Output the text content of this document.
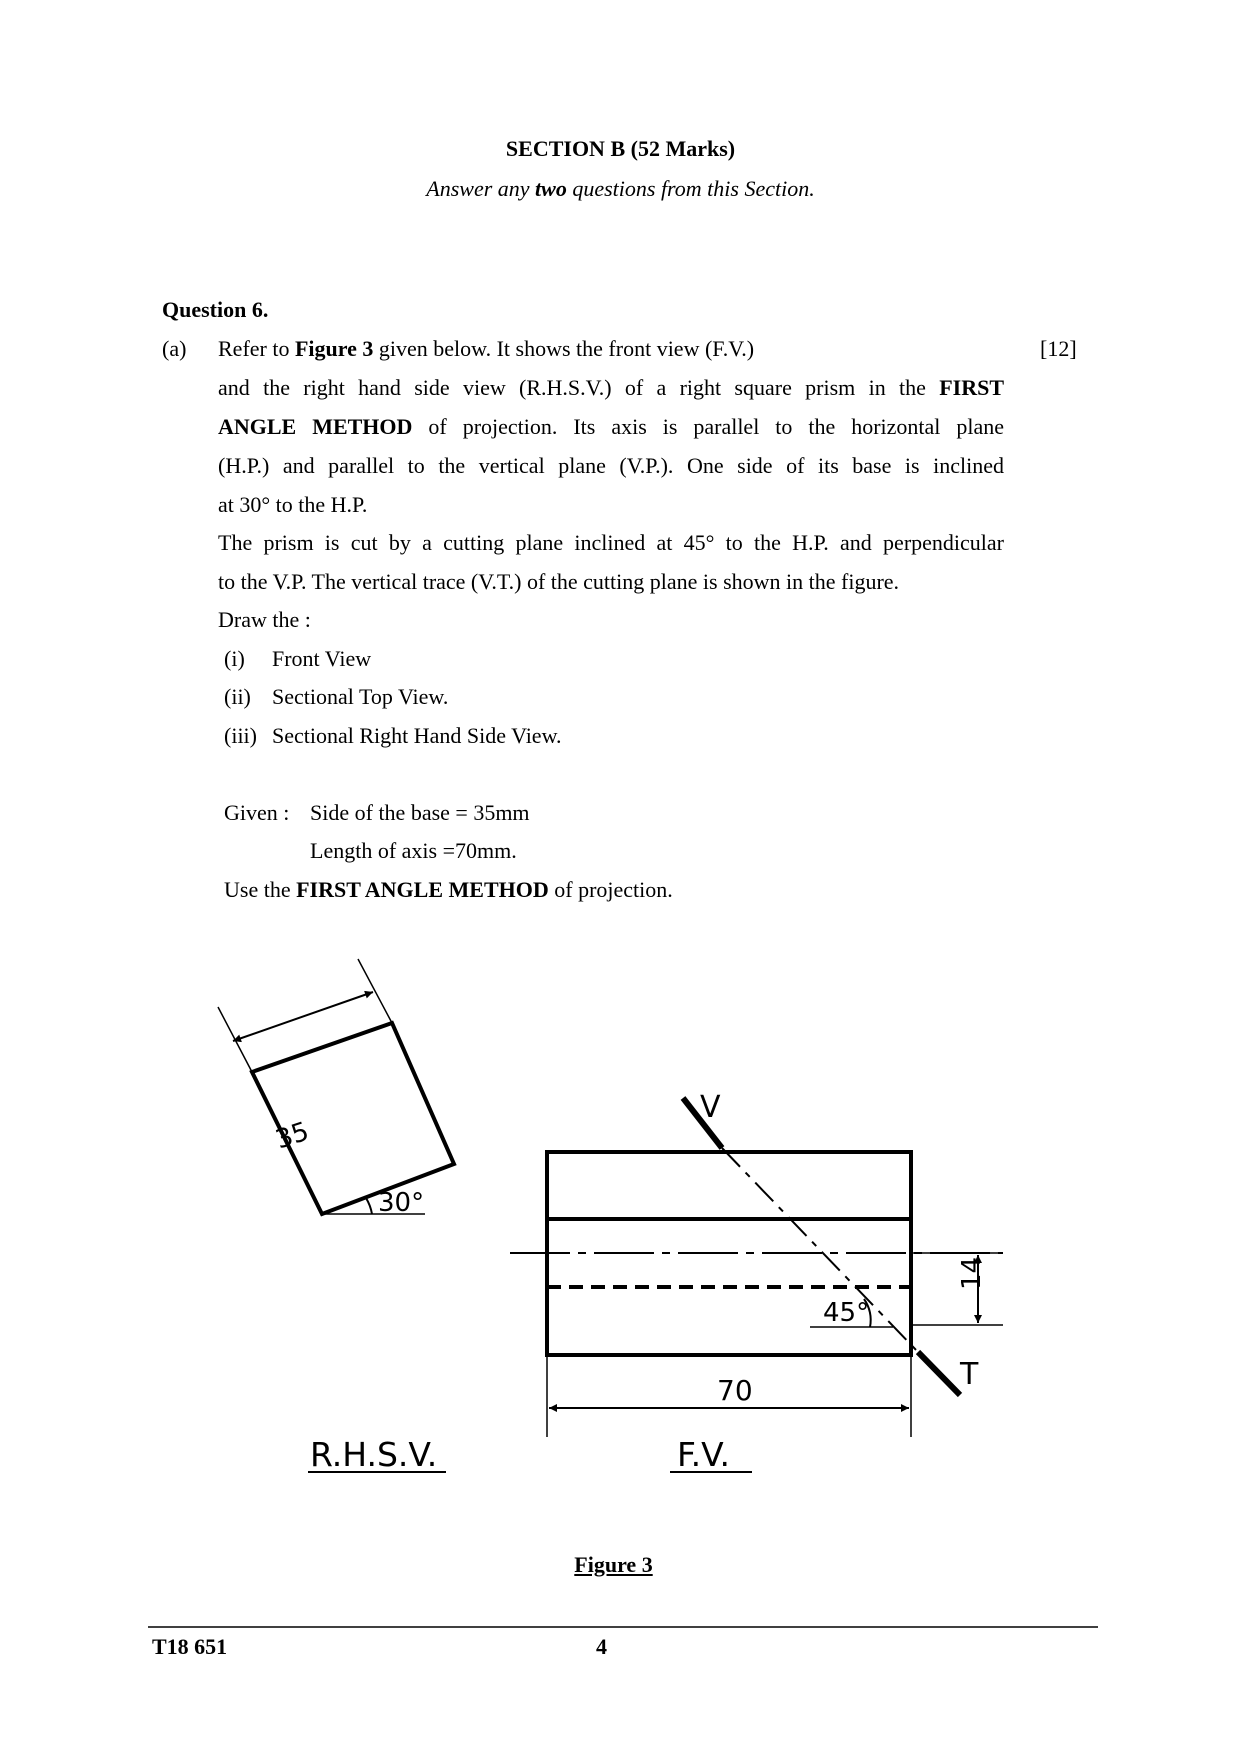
SECTION B (52 Marks)
Answer any two questions from this Section.
Question 6.
(a)	[12]
Refer to Figure 3 given below. It shows the front view (F.V.)
and the right hand side view (R.H.S.V.) of a right square prism in the FIRST
ANGLE METHOD of projection. Its axis is parallel to the horizontal plane
(H.P.) and parallel to the vertical plane (V.P.). One side of its base is inclined
at 30° to the H.P.
The prism is cut by a cutting plane inclined at 45° to the H.P. and perpendicular
to the V.P. The vertical trace (V.T.) of the cutting plane is shown in the figure.
Draw the :
(i) Front View
(ii) Sectional Top View.
(iii) Sectional Right Hand Side View.
Given : Side of the base = 35mm
Length of axis =70mm.
Use the FIRST ANGLE METHOD of projection.
35
30°
R.H.S.V.
V
T
45°
14
70
F.V.
Figure 3
T18 651	4
